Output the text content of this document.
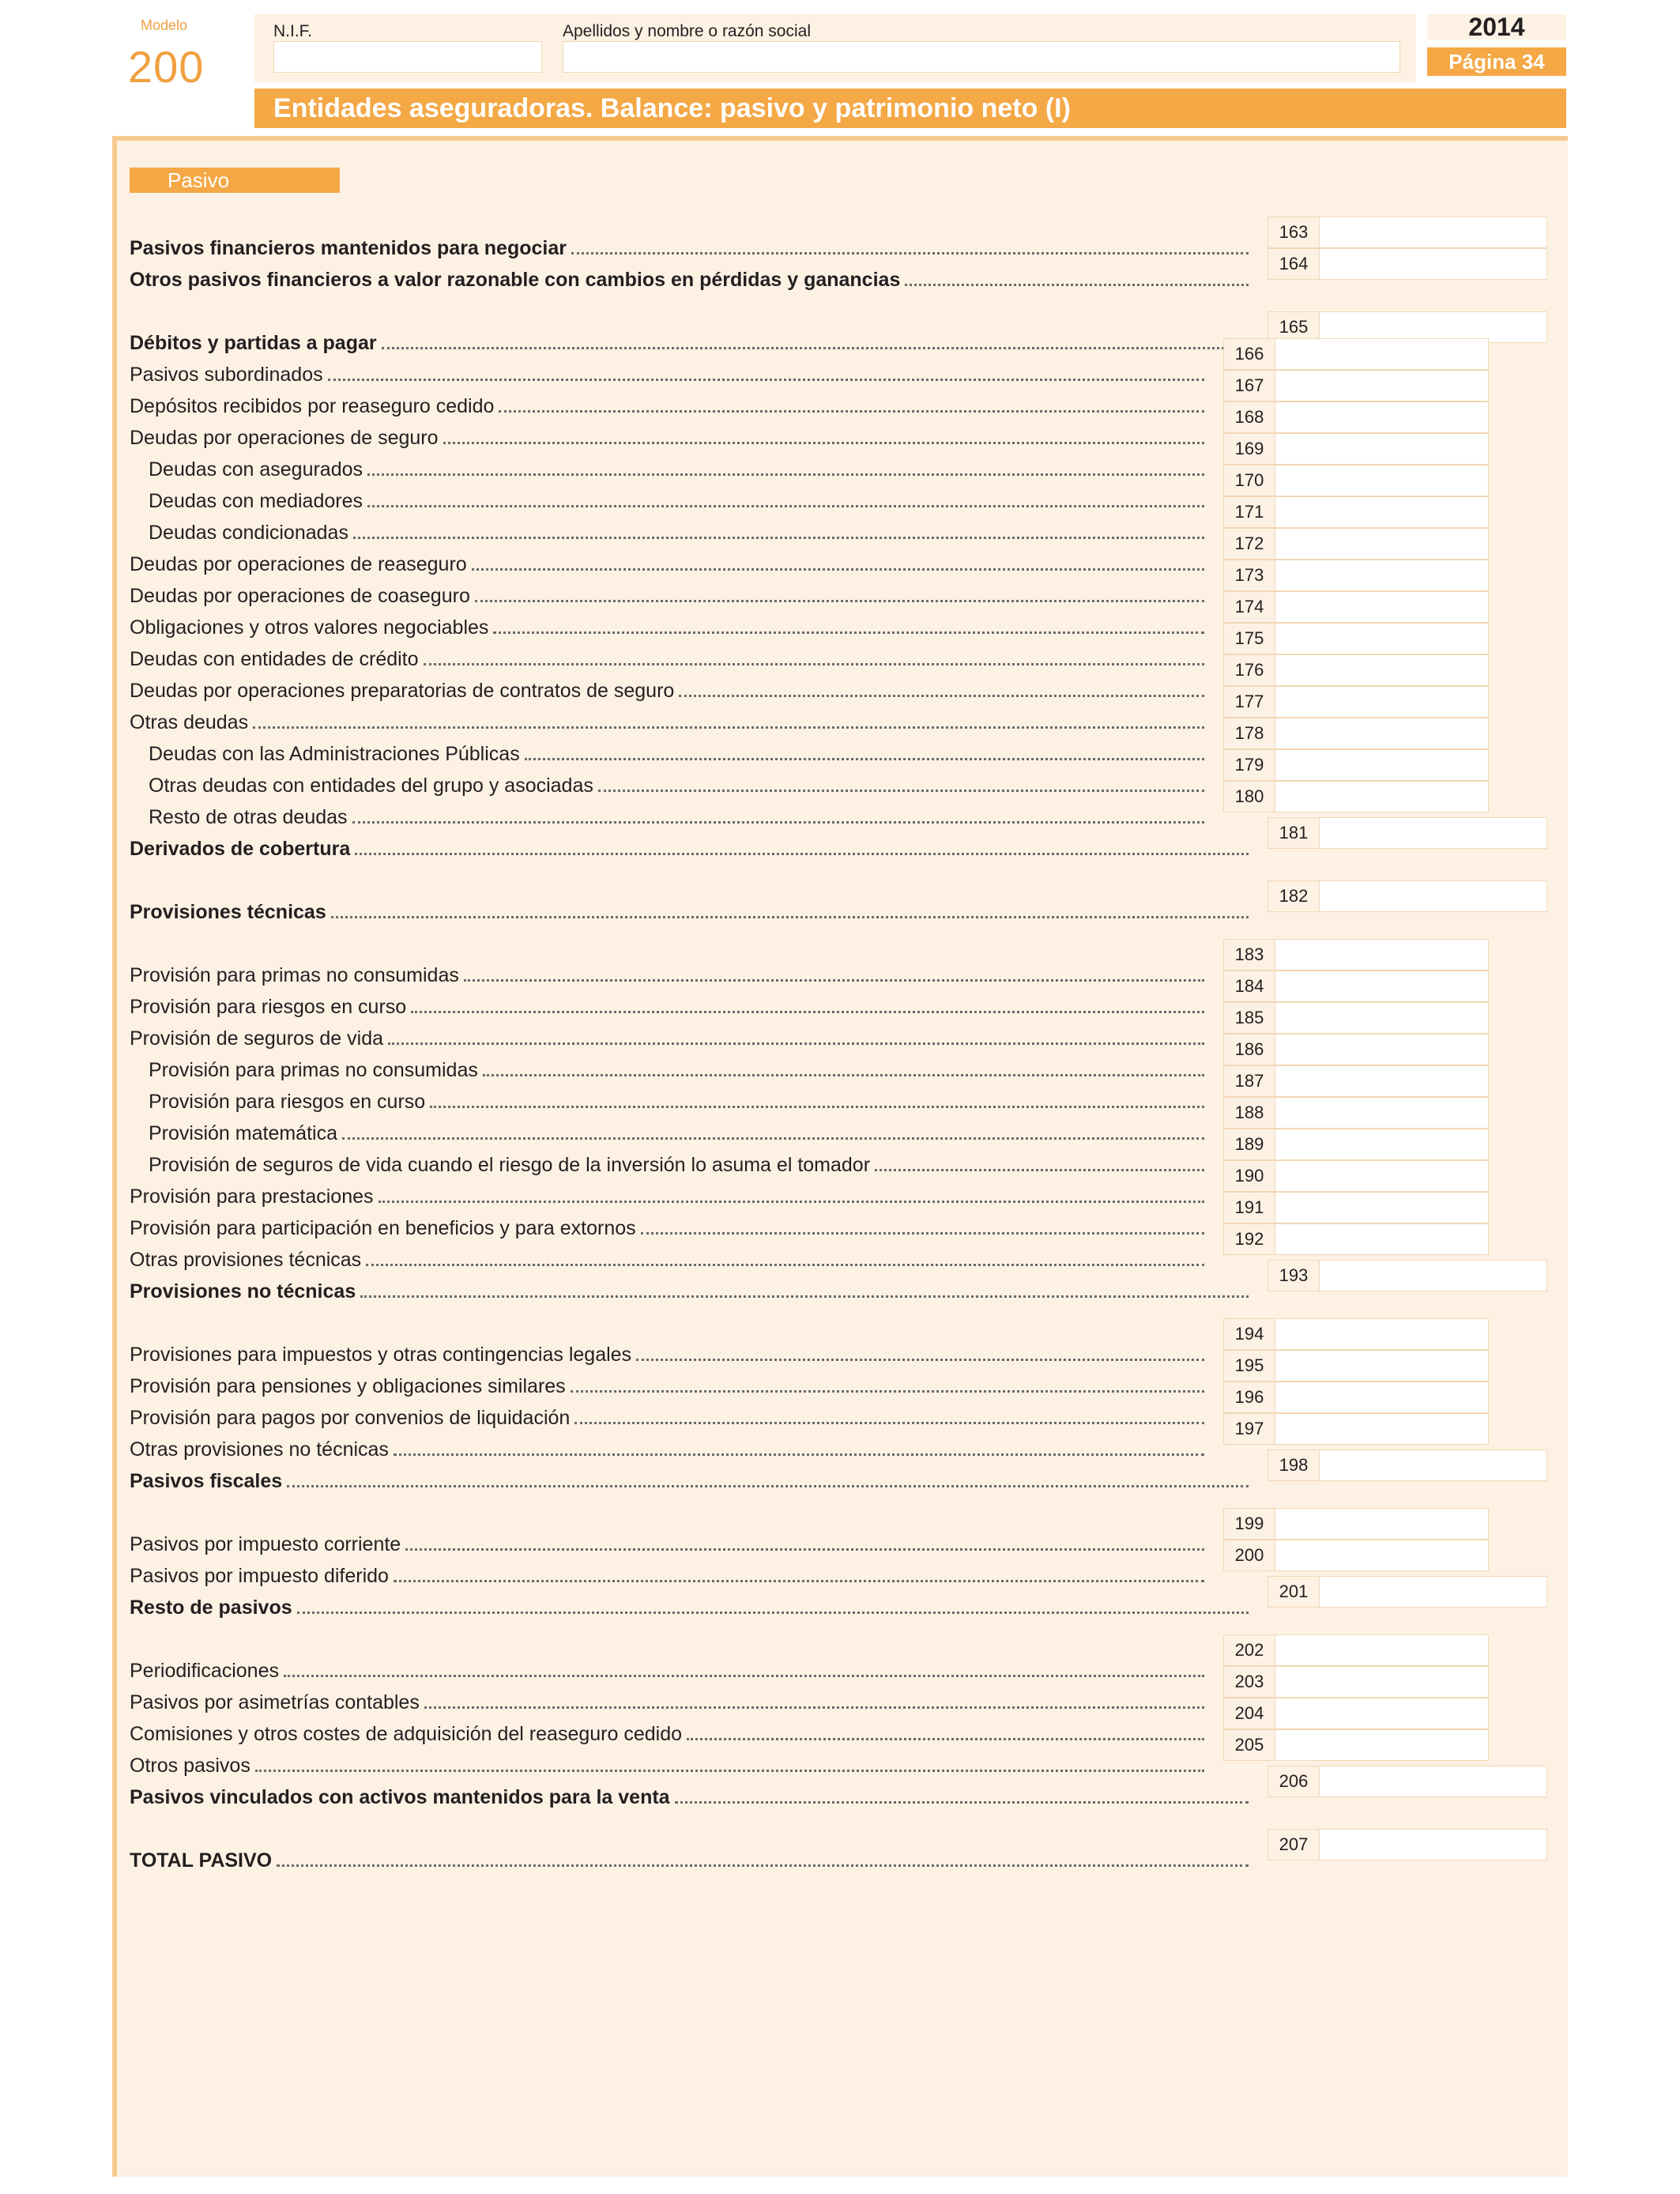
Modelo
200
N.I.F.	Apellidos y nombre o razón social	2014
Página 34
Entidades aseguradoras. Balance: pasivo y patrimonio neto (I)
Pasivo
Pasivos financieros mantenidos para negociar
163
Otros pasivos financieros a valor razonable con cambios en pérdidas y ganancias
164
Débitos y partidas a pagar
165
Pasivos subordinados
166
Depósitos recibidos por reaseguro cedido
167
Deudas por operaciones de seguro
168
Deudas con asegurados
169
Deudas con mediadores
170
Deudas condicionadas
171
Deudas por operaciones de reaseguro
172
Deudas por operaciones de coaseguro
173
Obligaciones y otros valores negociables
174
Deudas con entidades de crédito
175
Deudas por operaciones preparatorias de contratos de seguro
176
Otras deudas
177
Deudas con las Administraciones Públicas
178
Otras deudas con entidades del grupo y asociadas
179
Resto de otras deudas
180
Derivados de cobertura
181
Provisiones técnicas
182
Provisión para primas no consumidas
183
Provisión para riesgos en curso
184
Provisión de seguros de vida
185
Provisión para primas no consumidas
186
Provisión para riesgos en curso
187
Provisión matemática
188
Provisión de seguros de vida cuando el riesgo de la inversión lo asuma el tomador
189
Provisión para prestaciones
190
Provisión para participación en beneficios y para extornos
191
Otras provisiones técnicas
192
Provisiones no técnicas
193
Provisiones para impuestos y otras contingencias legales
194
Provisión para pensiones y obligaciones similares
195
Provisión para pagos por convenios de liquidación
196
Otras provisiones no técnicas
197
Pasivos fiscales
198
Pasivos por impuesto corriente
199
Pasivos por impuesto diferido
200
Resto de pasivos
201
Periodificaciones
202
Pasivos por asimetrías contables
203
Comisiones y otros costes de adquisición del reaseguro cedido
204
Otros pasivos
205
Pasivos vinculados con activos mantenidos para la venta
206
TOTAL PASIVO
207
